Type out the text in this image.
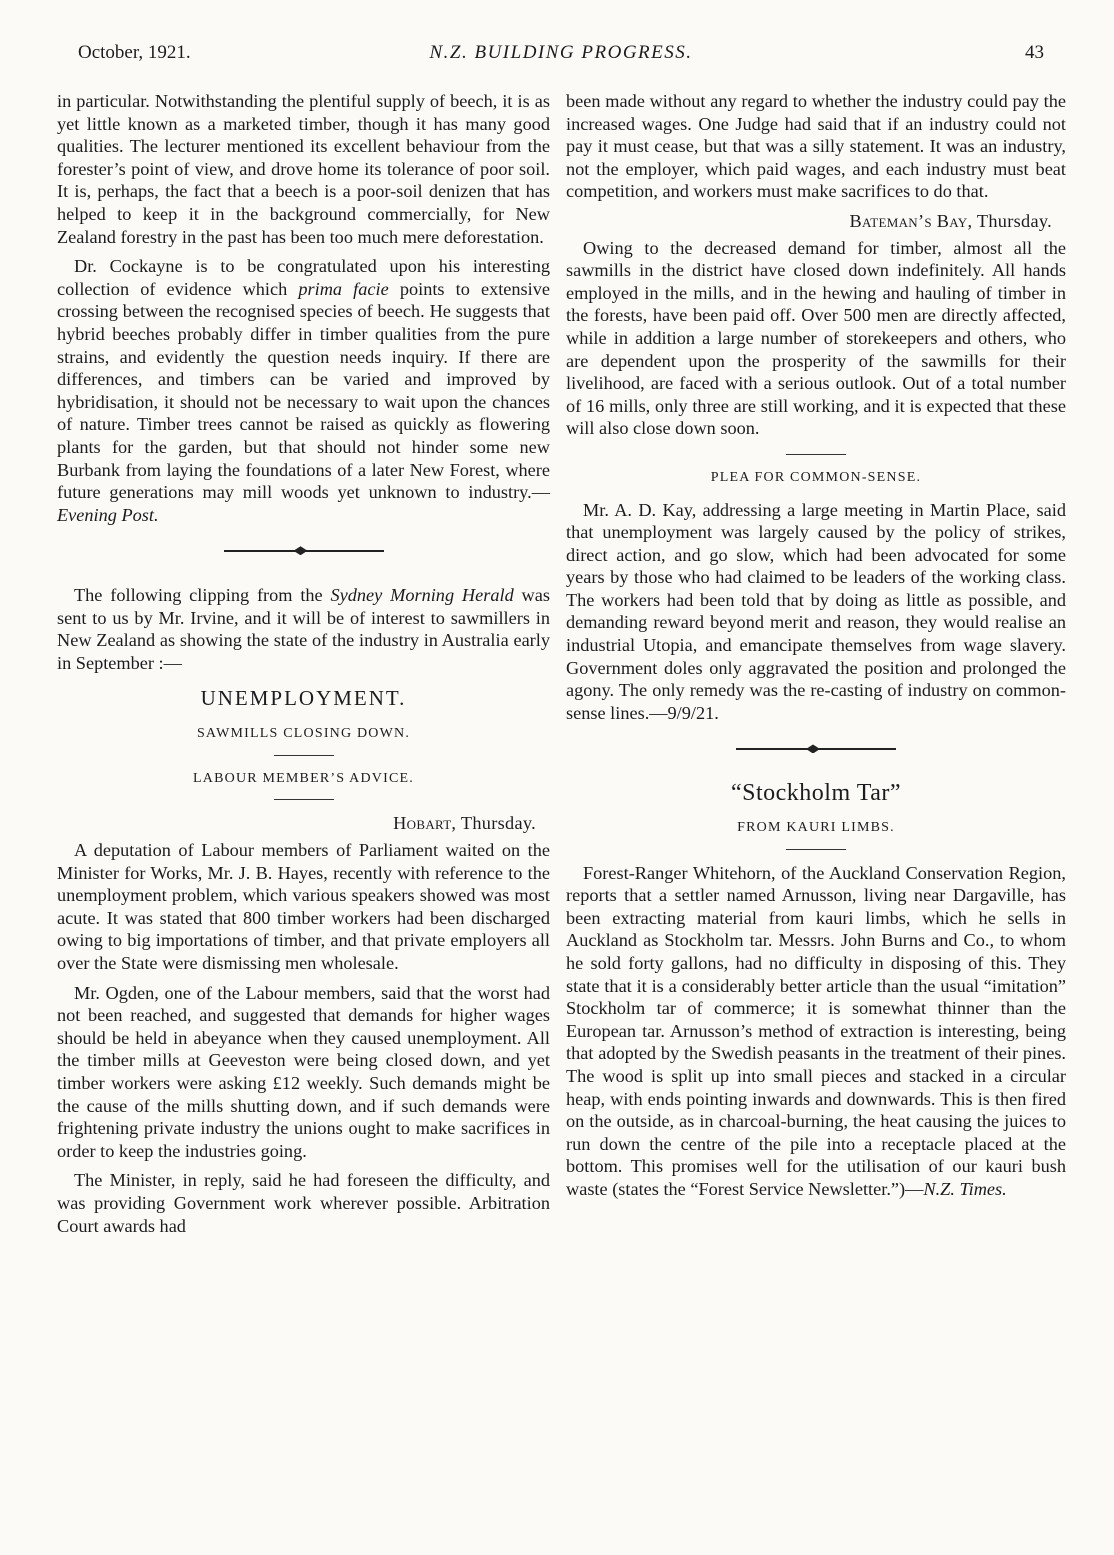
October, 1921.	N.Z. BUILDING PROGRESS.	43

in particular. Notwithstanding the plentiful supply of beech, it is as yet little known as a marketed timber, though it has many good qualities. The lecturer mentioned its excellent behaviour from the forester’s point of view, and drove home its tolerance of poor soil. It is, perhaps, the fact that a beech is a poor-soil denizen that has helped to keep it in the background commercially, for New Zealand forestry in the past has been too much mere deforestation.

Dr. Cockayne is to be congratulated upon his interesting collection of evidence which prima facie points to extensive crossing between the recognised species of beech. He suggests that hybrid beeches probably differ in timber qualities from the pure strains, and evidently the question needs inquiry. If there are differences, and timbers can be varied and improved by hybridisation, it should not be necessary to wait upon the chances of nature. Timber trees cannot be raised as quickly as flowering plants for the garden, but that should not hinder some new Burbank from laying the foundations of a later New Forest, where future generations may mill woods yet unknown to industry.—Evening Post.

The following clipping from the Sydney Morning Herald was sent to us by Mr. Irvine, and it will be of interest to sawmillers in New Zealand as showing the state of the industry in Australia early in September :—

UNEMPLOYMENT.
SAWMILLS CLOSING DOWN.
LABOUR MEMBER’S ADVICE.

Hobart, Thursday.

A deputation of Labour members of Parliament waited on the Minister for Works, Mr. J. B. Hayes, recently with reference to the unemployment problem, which various speakers showed was most acute. It was stated that 800 timber workers had been discharged owing to big importations of timber, and that private employers all over the State were dismissing men wholesale.

Mr. Ogden, one of the Labour members, said that the worst had not been reached, and suggested that demands for higher wages should be held in abeyance when they caused unemployment. All the timber mills at Geeveston were being closed down, and yet timber workers were asking £12 weekly. Such demands might be the cause of the mills shutting down, and if such demands were frightening private industry the unions ought to make sacrifices in order to keep the industries going.

The Minister, in reply, said he had foreseen the difficulty, and was providing Government work wherever possible. Arbitration Court awards had

been made without any regard to whether the industry could pay the increased wages. One Judge had said that if an industry could not pay it must cease, but that was a silly statement. It was an industry, not the employer, which paid wages, and each industry must beat competition, and workers must make sacrifices to do that.

Bateman’s Bay, Thursday.

Owing to the decreased demand for timber, almost all the sawmills in the district have closed down indefinitely. All hands employed in the mills, and in the hewing and hauling of timber in the forests, have been paid off. Over 500 men are directly affected, while in addition a large number of storekeepers and others, who are dependent upon the prosperity of the sawmills for their livelihood, are faced with a serious outlook. Out of a total number of 16 mills, only three are still working, and it is expected that these will also close down soon.

PLEA FOR COMMON-SENSE.

Mr. A. D. Kay, addressing a large meeting in Martin Place, said that unemployment was largely caused by the policy of strikes, direct action, and go slow, which had been advocated for some years by those who had claimed to be leaders of the working class. The workers had been told that by doing as little as possible, and demanding reward beyond merit and reason, they would realise an industrial Utopia, and emancipate themselves from wage slavery. Government doles only aggravated the position and prolonged the agony. The only remedy was the re-casting of industry on common-sense lines.—9/9/21.

“Stockholm Tar”
FROM KAURI LIMBS.

Forest-Ranger Whitehorn, of the Auckland Conservation Region, reports that a settler named Arnusson, living near Dargaville, has been extracting material from kauri limbs, which he sells in Auckland as Stockholm tar. Messrs. John Burns and Co., to whom he sold forty gallons, had no difficulty in disposing of this. They state that it is a considerably better article than the usual “imitation” Stockholm tar of commerce; it is somewhat thinner than the European tar. Arnusson’s method of extraction is interesting, being that adopted by the Swedish peasants in the treatment of their pines. The wood is split up into small pieces and stacked in a circular heap, with ends pointing inwards and downwards. This is then fired on the outside, as in charcoal-burning, the heat causing the juices to run down the centre of the pile into a receptacle placed at the bottom. This promises well for the utilisation of our kauri bush waste (states the “Forest Service Newsletter.”)—N.Z. Times.
